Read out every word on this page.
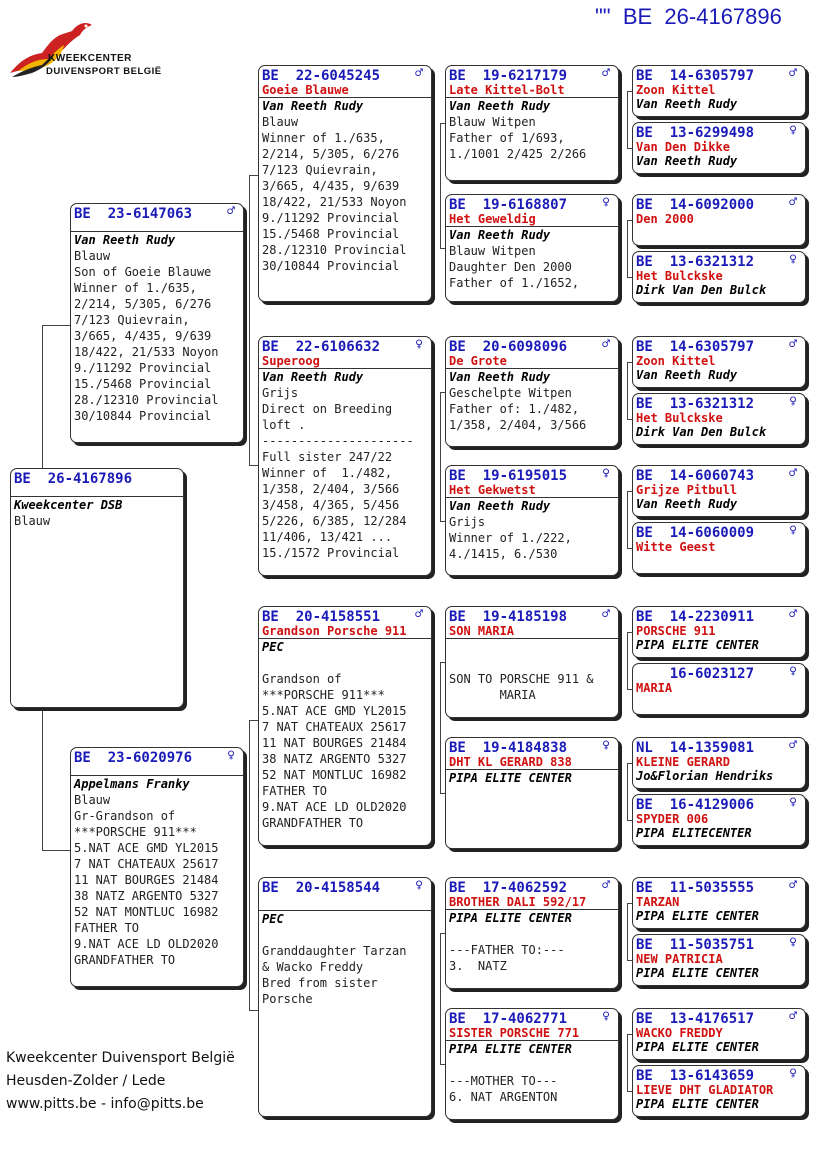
KWEEKCENTER
DUIVENSPORT BELGIË
"" BE  26-4167896
BE  26-4167896
Kweekcenter DSB
Blauw
BE  23-6147063	♂
Van Reeth Rudy
Blauw
Son of Goeie Blauwe
Winner of 1./635,
2/214, 5/305, 6/276
7/123 Quievrain,
3/665, 4/435, 9/639
18/422, 21/533 Noyon
9./11292 Provincial
15./5468 Provincial
28./12310 Provincial
30/10844 Provincial
BE  23-6020976	♀
Appelmans Franky
Blauw
Gr-Grandson of
***PORSCHE 911***
5.NAT ACE GMD YL2015
7 NAT CHATEAUX 25617
11 NAT BOURGES 21484
38 NATZ ARGENTO 5327
52 NAT MONTLUC 16982
FATHER TO
9.NAT ACE LD OLD2020
GRANDFATHER TO
BE  22-6045245	♂
Goeie Blauwe
Van Reeth Rudy
Blauw
Winner of 1./635,
2/214, 5/305, 6/276
7/123 Quievrain,
3/665, 4/435, 9/639
18/422, 21/533 Noyon
9./11292 Provincial
15./5468 Provincial
28./12310 Provincial
30/10844 Provincial
BE  22-6106632	♀
Superoog
Van Reeth Rudy
Grijs
Direct on Breeding
loft .
---------------------
Full sister 247/22
Winner of  1./482,
1/358, 2/404, 3/566
3/458, 4/365, 5/456
5/226, 6/385, 12/284
11/406, 13/421 ...
15./1572 Provincial
BE  20-4158551	♂
Grandson Porsche 911
PEC
Grandson of
***PORSCHE 911***
5.NAT ACE GMD YL2015
7 NAT CHATEAUX 25617
11 NAT BOURGES 21484
38 NATZ ARGENTO 5327
52 NAT MONTLUC 16982
FATHER TO
9.NAT ACE LD OLD2020
GRANDFATHER TO
BE  20-4158544	♀
PEC
Granddaughter Tarzan
& Wacko Freddy
Bred from sister
Porsche
BE  19-6217179	♂
Late Kittel-Bolt
Van Reeth Rudy
Blauw Witpen
Father of 1/693,
1./1001 2/425 2/266
BE  19-6168807	♀
Het Geweldig
Van Reeth Rudy
Blauw Witpen
Daughter Den 2000
Father of 1./1652,
BE  20-6098096	♂
De Grote
Van Reeth Rudy
Geschelpte Witpen
Father of: 1./482,
1/358, 2/404, 3/566
BE  19-6195015	♀
Het Gekwetst
Van Reeth Rudy
Grijs
Winner of 1./222,
4./1415, 6./530
BE  19-4185198	♂
SON MARIA
SON TO PORSCHE 911 &
MARIA
BE  19-4184838	♀
DHT KL GERARD 838
PIPA ELITE CENTER
BE  17-4062592	♂
BROTHER DALI 592/17
PIPA ELITE CENTER
---FATHER TO:---
3.  NATZ
BE  17-4062771	♀
SISTER PORSCHE 771
PIPA ELITE CENTER
---MOTHER TO---
6. NAT ARGENTON
BE  14-6305797	♂
Zoon Kittel
Van Reeth Rudy
BE  13-6299498	♀
Van Den Dikke
Van Reeth Rudy
BE  14-6092000	♂
Den 2000
BE  13-6321312	♀
Het Bulckske
Dirk Van Den Bulck
BE  14-6305797	♂
Zoon Kittel
Van Reeth Rudy
BE  13-6321312	♀
Het Bulckske
Dirk Van Den Bulck
BE  14-6060743	♂
Grijze Pitbull
Van Reeth Rudy
BE  14-6060009	♀
Witte Geest
BE  14-2230911	♂
PORSCHE 911
PIPA ELITE CENTER
16-6023127	♀
MARIA
NL  14-1359081	♂
KLEINE GERARD
Jo&Florian Hendriks
BE  16-4129006	♀
SPYDER 006
PIPA ELITECENTER
BE  11-5035555	♂
TARZAN
PIPA ELITE CENTER
BE  11-5035751	♀
NEW PATRICIA
PIPA ELITE CENTER
BE  13-4176517	♂
WACKO FREDDY
PIPA ELITE CENTER
BE  13-6143659	♀
LIEVE DHT GLADIATOR
PIPA ELITE CENTER
Kweekcenter Duivensport België
Heusden-Zolder / Lede
www.pitts.be - info@pitts.be
